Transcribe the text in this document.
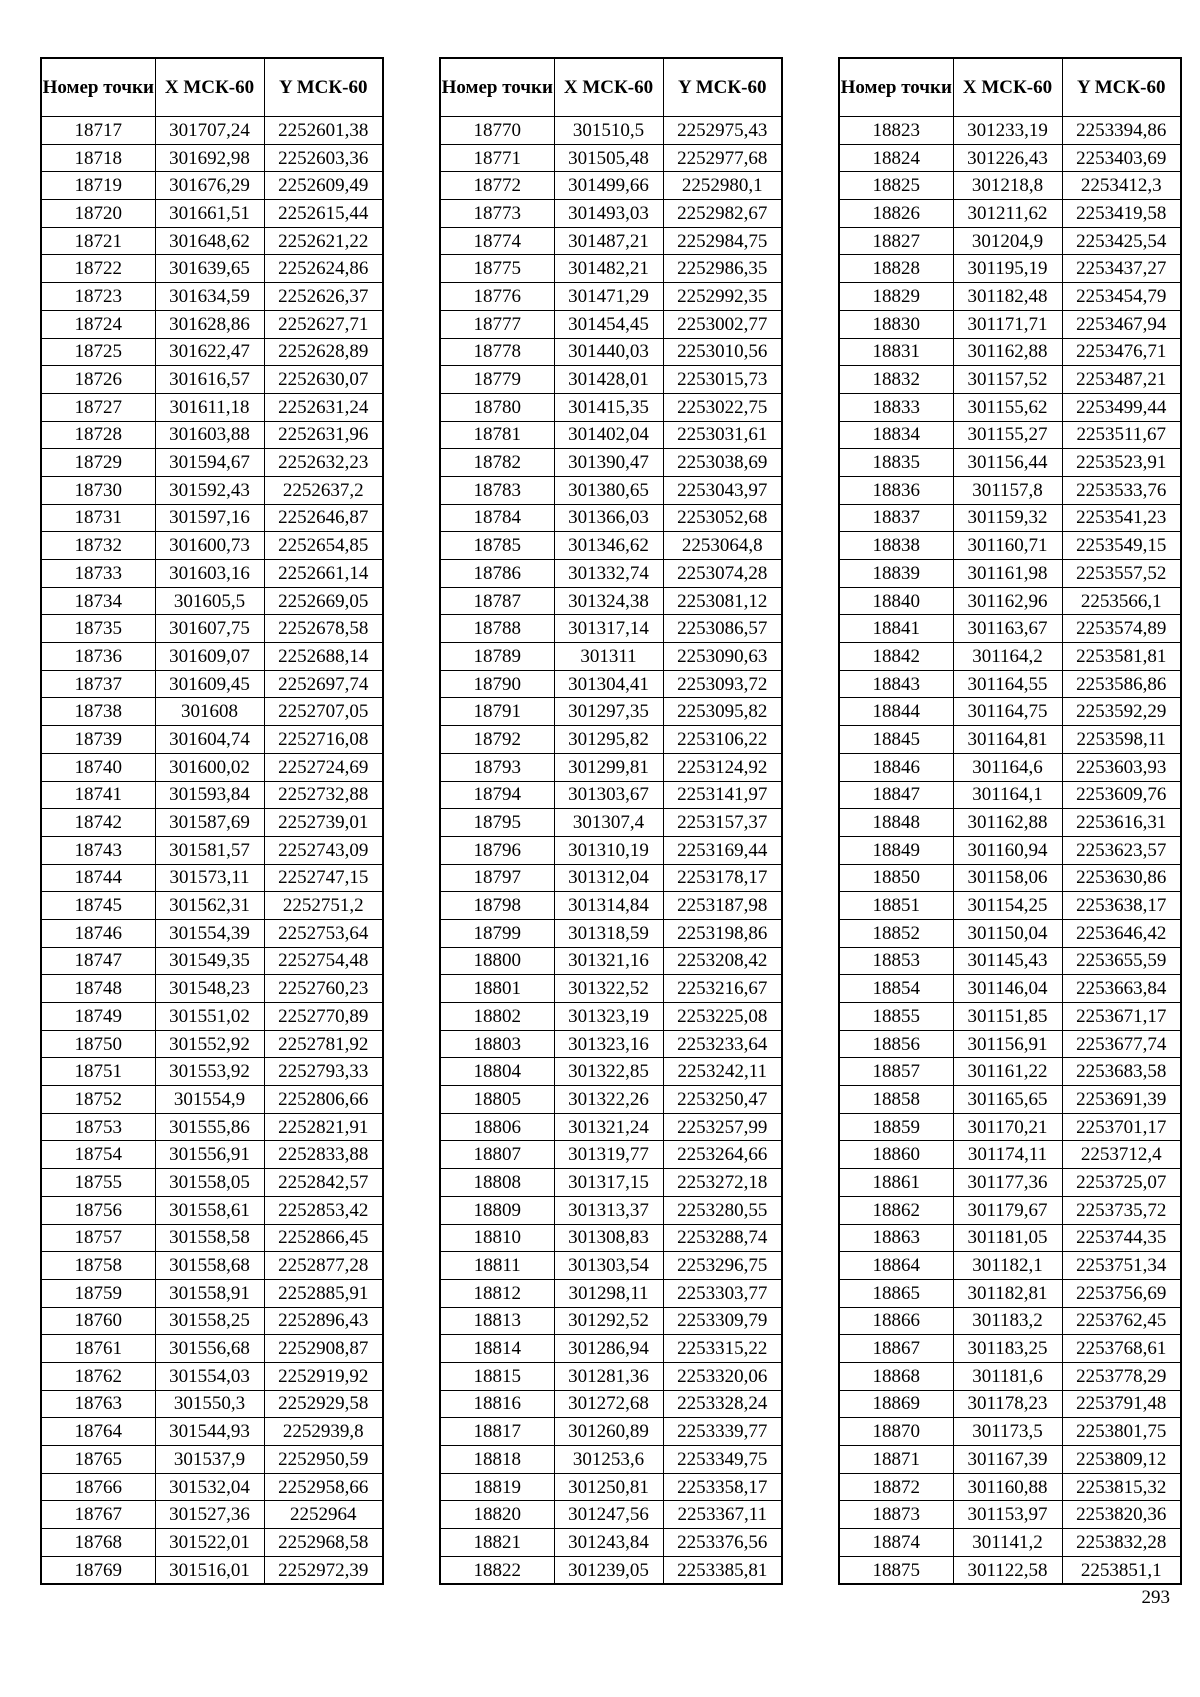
Номер точки	X МСК-60	Y МСК-60
18717	301707,24	2252601,38
18718	301692,98	2252603,36
18719	301676,29	2252609,49
18720	301661,51	2252615,44
18721	301648,62	2252621,22
18722	301639,65	2252624,86
18723	301634,59	2252626,37
18724	301628,86	2252627,71
18725	301622,47	2252628,89
18726	301616,57	2252630,07
18727	301611,18	2252631,24
18728	301603,88	2252631,96
18729	301594,67	2252632,23
18730	301592,43	2252637,2
18731	301597,16	2252646,87
18732	301600,73	2252654,85
18733	301603,16	2252661,14
18734	301605,5	2252669,05
18735	301607,75	2252678,58
18736	301609,07	2252688,14
18737	301609,45	2252697,74
18738	301608	2252707,05
18739	301604,74	2252716,08
18740	301600,02	2252724,69
18741	301593,84	2252732,88
18742	301587,69	2252739,01
18743	301581,57	2252743,09
18744	301573,11	2252747,15
18745	301562,31	2252751,2
18746	301554,39	2252753,64
18747	301549,35	2252754,48
18748	301548,23	2252760,23
18749	301551,02	2252770,89
18750	301552,92	2252781,92
18751	301553,92	2252793,33
18752	301554,9	2252806,66
18753	301555,86	2252821,91
18754	301556,91	2252833,88
18755	301558,05	2252842,57
18756	301558,61	2252853,42
18757	301558,58	2252866,45
18758	301558,68	2252877,28
18759	301558,91	2252885,91
18760	301558,25	2252896,43
18761	301556,68	2252908,87
18762	301554,03	2252919,92
18763	301550,3	2252929,58
18764	301544,93	2252939,8
18765	301537,9	2252950,59
18766	301532,04	2252958,66
18767	301527,36	2252964
18768	301522,01	2252968,58
18769	301516,01	2252972,39
Номер точки	X МСК-60	Y МСК-60
18770	301510,5	2252975,43
18771	301505,48	2252977,68
18772	301499,66	2252980,1
18773	301493,03	2252982,67
18774	301487,21	2252984,75
18775	301482,21	2252986,35
18776	301471,29	2252992,35
18777	301454,45	2253002,77
18778	301440,03	2253010,56
18779	301428,01	2253015,73
18780	301415,35	2253022,75
18781	301402,04	2253031,61
18782	301390,47	2253038,69
18783	301380,65	2253043,97
18784	301366,03	2253052,68
18785	301346,62	2253064,8
18786	301332,74	2253074,28
18787	301324,38	2253081,12
18788	301317,14	2253086,57
18789	301311	2253090,63
18790	301304,41	2253093,72
18791	301297,35	2253095,82
18792	301295,82	2253106,22
18793	301299,81	2253124,92
18794	301303,67	2253141,97
18795	301307,4	2253157,37
18796	301310,19	2253169,44
18797	301312,04	2253178,17
18798	301314,84	2253187,98
18799	301318,59	2253198,86
18800	301321,16	2253208,42
18801	301322,52	2253216,67
18802	301323,19	2253225,08
18803	301323,16	2253233,64
18804	301322,85	2253242,11
18805	301322,26	2253250,47
18806	301321,24	2253257,99
18807	301319,77	2253264,66
18808	301317,15	2253272,18
18809	301313,37	2253280,55
18810	301308,83	2253288,74
18811	301303,54	2253296,75
18812	301298,11	2253303,77
18813	301292,52	2253309,79
18814	301286,94	2253315,22
18815	301281,36	2253320,06
18816	301272,68	2253328,24
18817	301260,89	2253339,77
18818	301253,6	2253349,75
18819	301250,81	2253358,17
18820	301247,56	2253367,11
18821	301243,84	2253376,56
18822	301239,05	2253385,81
Номер точки	X МСК-60	Y МСК-60
18823	301233,19	2253394,86
18824	301226,43	2253403,69
18825	301218,8	2253412,3
18826	301211,62	2253419,58
18827	301204,9	2253425,54
18828	301195,19	2253437,27
18829	301182,48	2253454,79
18830	301171,71	2253467,94
18831	301162,88	2253476,71
18832	301157,52	2253487,21
18833	301155,62	2253499,44
18834	301155,27	2253511,67
18835	301156,44	2253523,91
18836	301157,8	2253533,76
18837	301159,32	2253541,23
18838	301160,71	2253549,15
18839	301161,98	2253557,52
18840	301162,96	2253566,1
18841	301163,67	2253574,89
18842	301164,2	2253581,81
18843	301164,55	2253586,86
18844	301164,75	2253592,29
18845	301164,81	2253598,11
18846	301164,6	2253603,93
18847	301164,1	2253609,76
18848	301162,88	2253616,31
18849	301160,94	2253623,57
18850	301158,06	2253630,86
18851	301154,25	2253638,17
18852	301150,04	2253646,42
18853	301145,43	2253655,59
18854	301146,04	2253663,84
18855	301151,85	2253671,17
18856	301156,91	2253677,74
18857	301161,22	2253683,58
18858	301165,65	2253691,39
18859	301170,21	2253701,17
18860	301174,11	2253712,4
18861	301177,36	2253725,07
18862	301179,67	2253735,72
18863	301181,05	2253744,35
18864	301182,1	2253751,34
18865	301182,81	2253756,69
18866	301183,2	2253762,45
18867	301183,25	2253768,61
18868	301181,6	2253778,29
18869	301178,23	2253791,48
18870	301173,5	2253801,75
18871	301167,39	2253809,12
18872	301160,88	2253815,32
18873	301153,97	2253820,36
18874	301141,2	2253832,28
18875	301122,58	2253851,1
293
